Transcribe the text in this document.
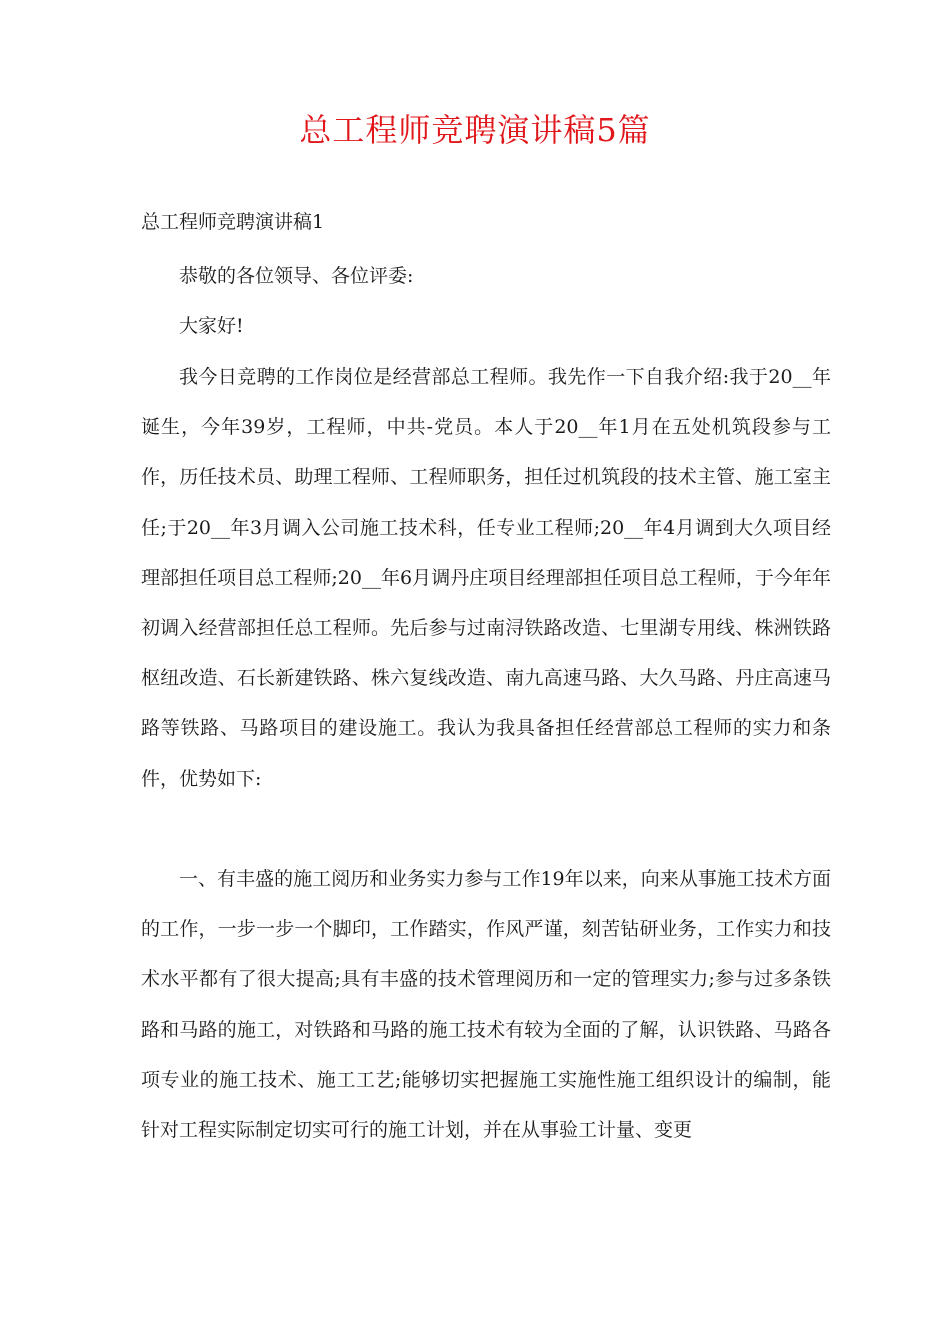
总工程师竞聘演讲稿5篇

总工程师竞聘演讲稿1

恭敬的各位领导、各位评委:

大家好!

我今日竞聘的工作岗位是经营部总工程师。我先作一下自我介绍:我于20__年诞生，今年39岁，工程师，中共-党员。本人于20__年1月在五处机筑段参与工作，历任技术员、助理工程师、工程师职务，担任过机筑段的技术主管、施工室主任;于20__年3月调入公司施工技术科，任专业工程师;20__年4月调到大久项目经理部担任项目总工程师;20__年6月调丹庄项目经理部担任项目总工程师，于今年年初调入经营部担任总工程师。先后参与过南浔铁路改造、七里湖专用线、株洲铁路枢纽改造、石长新建铁路、株六复线改造、南九高速马路、大久马路、丹庄高速马路等铁路、马路项目的建设施工。我认为我具备担任经营部总工程师的实力和条件，优势如下:

一、有丰盛的施工阅历和业务实力参与工作19年以来，向来从事施工技术方面的工作，一步一步一个脚印，工作踏实，作风严谨，刻苦钻研业务，工作实力和技术水平都有了很大提高;具有丰盛的技术管理阅历和一定的管理实力;参与过多条铁路和马路的施工，对铁路和马路的施工技术有较为全面的了解，认识铁路、马路各项专业的施工技术、施工工艺;能够切实把握施工实施性施工组织设计的编制，能针对工程实际制定切实可行的施工计划，并在从事验工计量、变更
